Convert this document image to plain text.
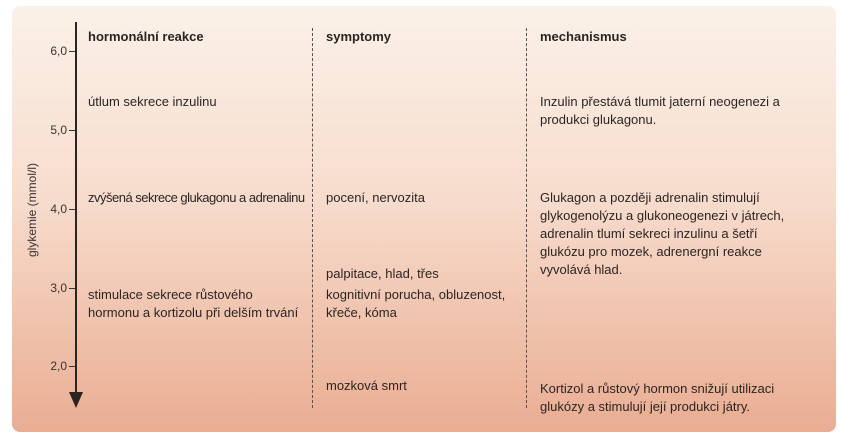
glykemie (mmol/l)
6,0
5,0
4,0
3,0
2,0
hormonální reakce	symptomy	mechanismus
útlum sekrece inzulinu
zvýšená sekrece glukagonu a adrenalinu
stimulace sekrece růstového hormonu a kortizolu při delším trvání
pocení, nervozita
palpitace, hlad, třes
kognitivní porucha, obluzenost, křeče, kóma
mozková smrt
Inzulin přestává tlumit jaterní neogenezi a produkci glukagonu.
Glukagon a později adrenalin stimulují glykogenolýzu a glukoneogenezi v játrech, adrenalin tlumí sekreci inzulinu a šetří glukózu pro mozek, adrenergní reakce vyvolává hlad.
Kortizol a růstový hormon snižují utilizaci glukózy a stimulují její produkci játry.
